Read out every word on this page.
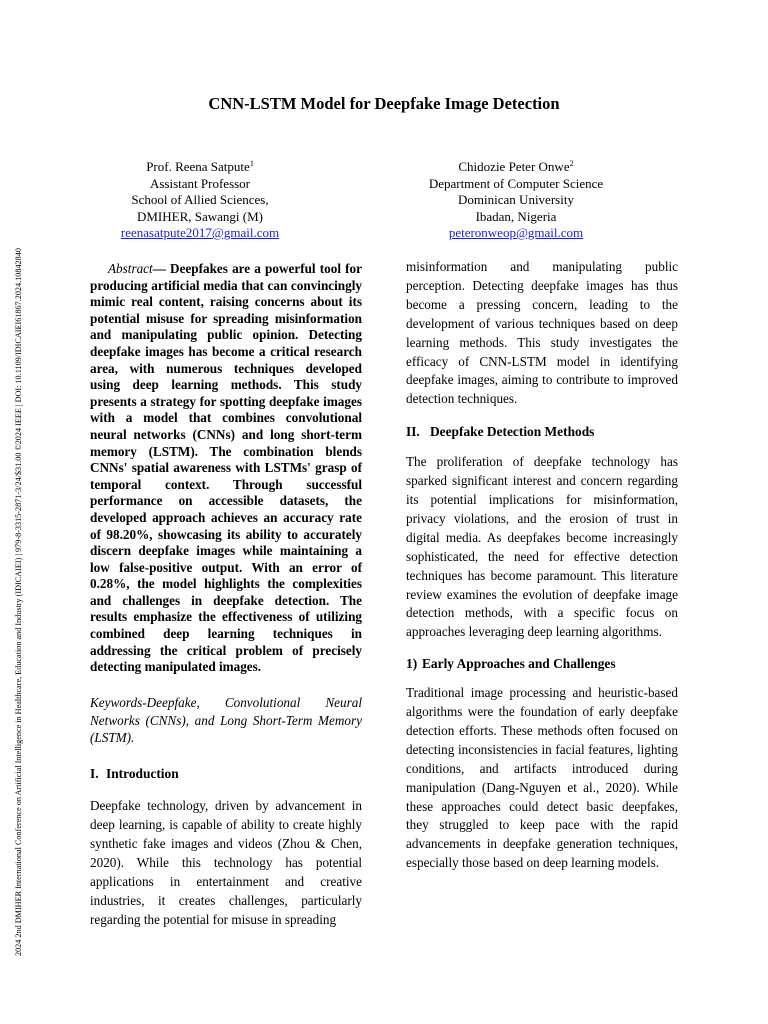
2024 2nd DMIHER International Conference on Artificial Intelligence in Healthcare, Education and Industry (IDICAIEI) | 979-8-3315-2871-3/24/$31.00 ©2024 IEEE | DOI: 10.1109/IDICAIEI61867.2024.10842840
CNN-LSTM Model for Deepfake Image Detection
Prof. Reena Satpute$^1$
Assistant Professor
School of Allied Sciences,
DMIHER, Sawangi (M)
reenasatpute2017@gmail.com
Chidozie Peter Onwe$^2$
Department of Computer Science
Dominican University
Ibadan, Nigeria
peteronweop@gmail.com

Abstract— Deepfakes are a powerful tool for producing artificial media that can convincingly mimic real content, raising concerns about its potential misuse for spreading misinformation and manipulating public opinion. Detecting deepfake images has become a critical research area, with numerous techniques developed using deep learning methods. This study presents a strategy for spotting deepfake images with a model that combines convolutional neural networks (CNNs) and long short-term memory (LSTM). The combination blends CNNs' spatial awareness with LSTMs' grasp of temporal context. Through successful performance on accessible datasets, the developed approach achieves an accuracy rate of 98.20%, showcasing its ability to accurately discern deepfake images while maintaining a low false-positive output. With an error of 0.28%, the model highlights the complexities and challenges in deepfake detection. The results emphasize the effectiveness of utilizing combined deep learning techniques in addressing the critical problem of precisely detecting manipulated images.

Keywords-Deepfake, Convolutional Neural Networks (CNNs), and Long Short-Term Memory (LSTM).

I. Introduction

Deepfake technology, driven by advancement in deep learning, is capable of ability to create highly synthetic fake images and videos (Zhou & Chen, 2020). While this technology has potential applications in entertainment and creative industries, it creates challenges, particularly regarding the potential for misuse in spreading

misinformation and manipulating public perception. Detecting deepfake images has thus become a pressing concern, leading to the development of various techniques based on deep learning methods. This study investigates the efficacy of CNN-LSTM model in identifying deepfake images, aiming to contribute to improved detection techniques.

II. Deepfake Detection Methods

The proliferation of deepfake technology has sparked significant interest and concern regarding its potential implications for misinformation, privacy violations, and the erosion of trust in digital media. As deepfakes become increasingly sophisticated, the need for effective detection techniques has become paramount. This literature review examines the evolution of deepfake image detection methods, with a specific focus on approaches leveraging deep learning algorithms.

1) Early Approaches and Challenges

Traditional image processing and heuristic-based algorithms were the foundation of early deepfake detection efforts. These methods often focused on detecting inconsistencies in facial features, lighting conditions, and artifacts introduced during manipulation (Dang-Nguyen et al., 2020). While these approaches could detect basic deepfakes, they struggled to keep pace with the rapid advancements in deepfake generation techniques, especially those based on deep learning models.
